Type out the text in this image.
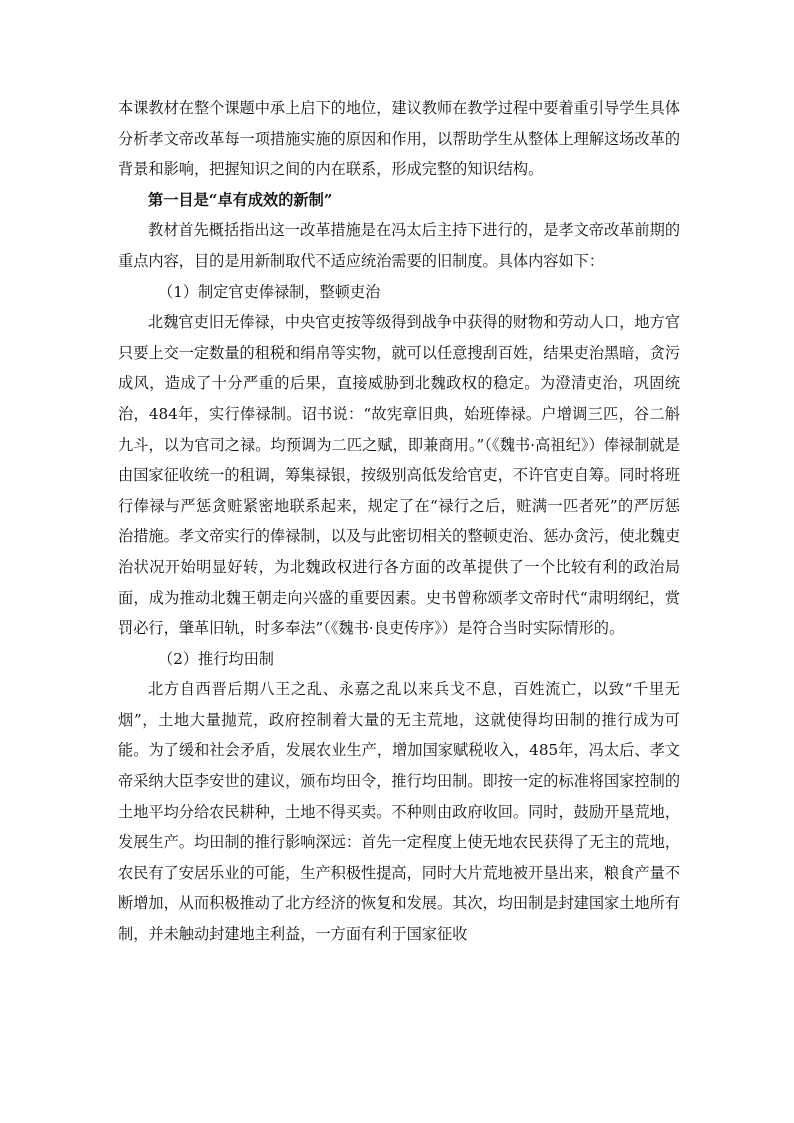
本课教材在整个课题中承上启下的地位，建议教师在教学过程中要着重引导学生具体分析孝文帝改革每一项措施实施的原因和作用，以帮助学生从整体上理解这场改革的背景和影响，把握知识之间的内在联系，形成完整的知识结构。

第一目是“卓有成效的新制”

教材首先概括指出这一改革措施是在冯太后主持下进行的，是孝文帝改革前期的重点内容，目的是用新制取代不适应统治需要的旧制度。具体内容如下：

（1）制定官吏俸禄制，整顿吏治

北魏官吏旧无俸禄，中央官吏按等级得到战争中获得的财物和劳动人口，地方官只要上交一定数量的租税和绢帛等实物，就可以任意搜刮百姓，结果吏治黑暗，贪污成风，造成了十分严重的后果，直接威胁到北魏政权的稳定。为澄清吏治，巩固统治，484年，实行俸禄制。诏书说：“故宪章旧典，始班俸禄。户增调三匹，谷二斛九斗，以为官司之禄。均预调为二匹之赋，即兼商用。”（《魏书·高祖纪》）俸禄制就是由国家征收统一的租调，筹集禄银，按级别高低发给官吏，不许官吏自筹。同时将班行俸禄与严惩贪赃紧密地联系起来，规定了在“禄行之后，赃满一匹者死”的严厉惩治措施。孝文帝实行的俸禄制，以及与此密切相关的整顿吏治、惩办贪污，使北魏吏治状况开始明显好转，为北魏政权进行各方面的改革提供了一个比较有利的政治局面，成为推动北魏王朝走向兴盛的重要因素。史书曾称颂孝文帝时代“肃明纲纪，赏罚必行，肇革旧轨，时多奉法”（《魏书·良吏传序》）是符合当时实际情形的。

（2）推行均田制

北方自西晋后期八王之乱、永嘉之乱以来兵戈不息，百姓流亡，以致“千里无烟”，土地大量抛荒，政府控制着大量的无主荒地，这就使得均田制的推行成为可能。为了缓和社会矛盾，发展农业生产，增加国家赋税收入，485年，冯太后、孝文帝采纳大臣李安世的建议，颁布均田令，推行均田制。即按一定的标准将国家控制的土地平均分给农民耕种，土地不得买卖。不种则由政府收回。同时，鼓励开垦荒地，发展生产。均田制的推行影响深远：首先一定程度上使无地农民获得了无主的荒地，农民有了安居乐业的可能，生产积极性提高，同时大片荒地被开垦出来，粮食产量不断增加，从而积极推动了北方经济的恢复和发展。其次，均田制是封建国家土地所有制，并未触动封建地主利益，一方面有利于国家征收
